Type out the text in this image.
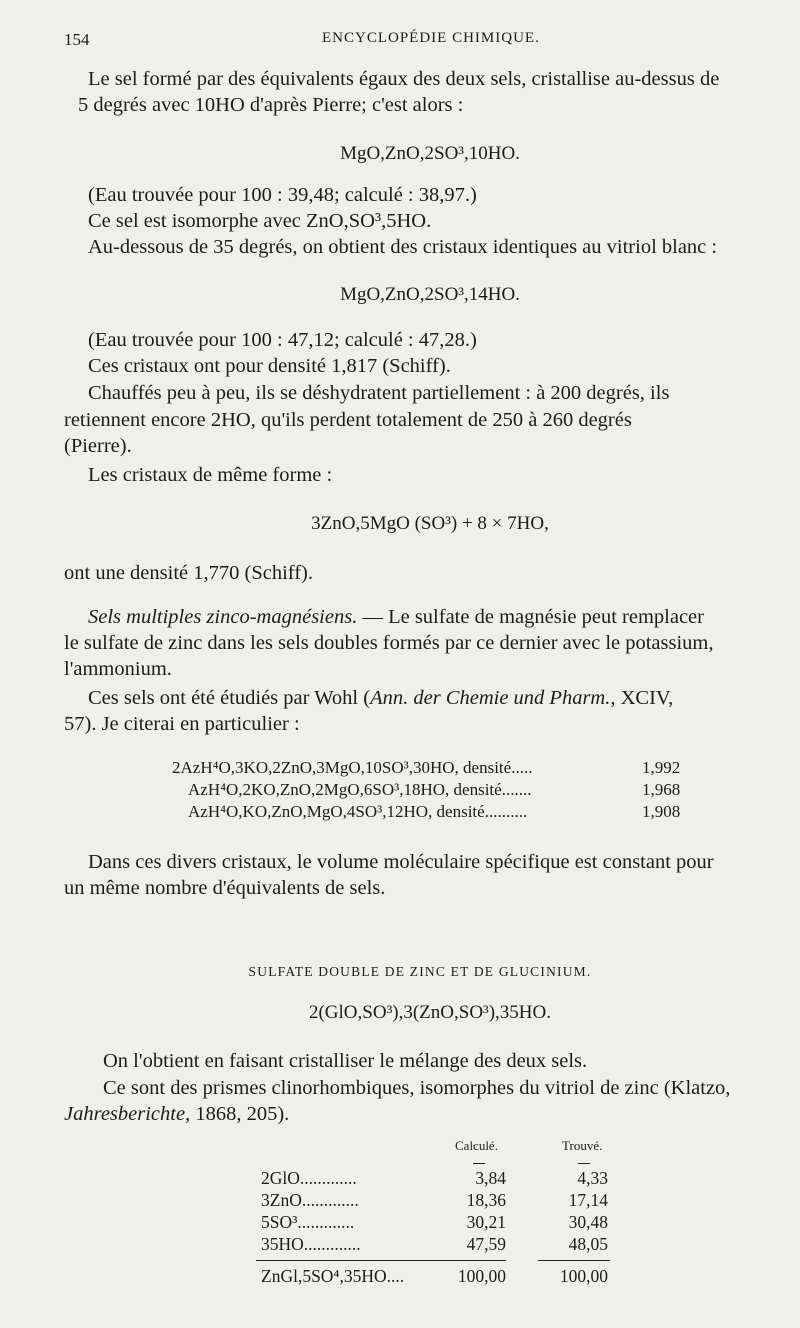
154	ENCYCLOPÉDIE CHIMIQUE.
Le sel formé par des équivalents égaux des deux sels, cristallise au-dessus de
5 degrés avec 10HO d'après Pierre; c'est alors :
MgO,ZnO,2SO³,10HO.
(Eau trouvée pour 100 : 39,48; calculé : 38,97.)
Ce sel est isomorphe avec ZnO,SO³,5HO.
Au-dessous de 35 degrés, on obtient des cristaux identiques au vitriol blanc :
MgO,ZnO,2SO³,14HO.
(Eau trouvée pour 100 : 47,12; calculé : 47,28.)
Ces cristaux ont pour densité 1,817 (Schiff).
Chauffés peu à peu, ils se déshydratent partiellement : à 200 degrés, ils
retiennent encore 2HO, qu'ils perdent totalement de 250 à 260 degrés
(Pierre).
Les cristaux de même forme :
3ZnO,5MgO (SO³) + 8 × 7HO,
ont une densité 1,770 (Schiff).
Sels multiples zinco-magnésiens. — Le sulfate de magnésie peut remplacer
le sulfate de zinc dans les sels doubles formés par ce dernier avec le potassium,
l'ammonium.
Ces sels ont été étudiés par Wohl (Ann. der Chemie und Pharm., XCIV,
57). Je citerai en particulier :
2AzH⁴O,3KO,2ZnO,3MgO,10SO³,30HO, densité.....	1,992
AzH⁴O,2KO,ZnO,2MgO,6SO³,18HO, densité.......	1,968
AzH⁴O,KO,ZnO,MgO,4SO³,12HO, densité..........	1,908
Dans ces divers cristaux, le volume moléculaire spécifique est constant pour
un même nombre d'équivalents de sels.
SULFATE DOUBLE DE ZINC ET DE GLUCINIUM.
2(GlO,SO³),3(ZnO,SO³),35HO.
On l'obtient en faisant cristalliser le mélange des deux sels.
Ce sont des prismes clinorhombiques, isomorphes du vitriol de zinc (Klatzo,
Jahresberichte, 1868, 205).
Calculé.	Trouvé.
2GlO.............	3,84	4,33
3ZnO.............	18,36	17,14
5SO³.............	30,21	30,48
35HO.............	47,59	48,05
ZnGl,5SO⁴,35HO....	100,00	100,00
